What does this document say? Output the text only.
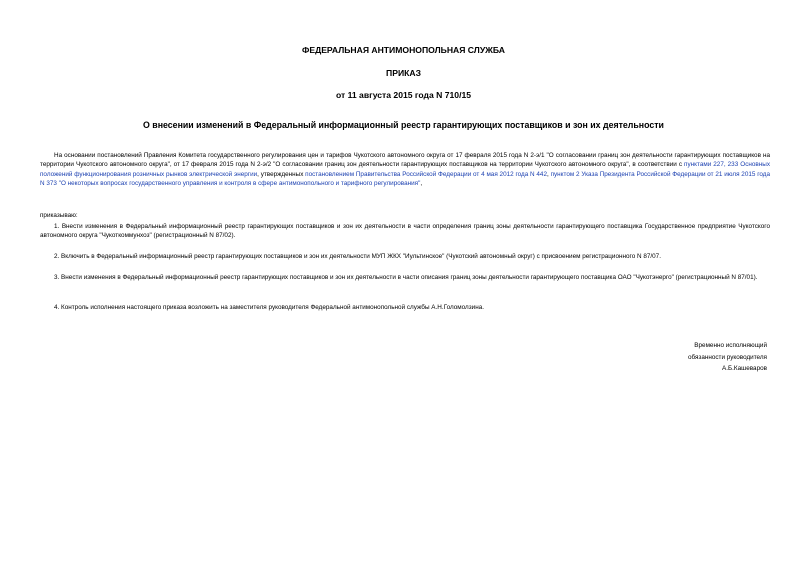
ФЕДЕРАЛЬНАЯ АНТИМОНОПОЛЬНАЯ СЛУЖБА
ПРИКАЗ
от 11 августа 2015 года N 710/15
О внесении изменений в Федеральный информационный реестр гарантирующих поставщиков и зон их деятельности
На основании постановлений Правления Комитета государственного регулирования цен и тарифов Чукотского автономного округа от 17 февраля 2015 года N 2-э/1 "О согласовании границ зон деятельности гарантирующих поставщиков на территории Чукотского автономного округа", от 17 февраля 2015 года N 2-э/2 "О согласовании границ зон деятельности гарантирующих поставщиков на территории Чукотского автономного округа", в соответствии с пунктами 227, 233 Основных положений функционирования розничных рынков электрической энергии, утвержденных постановлением Правительства Российской Федерации от 4 мая 2012 года N 442, пунктом 2 Указа Президента Российской Федерации от 21 июля 2015 года N 373 "О некоторых вопросах государственного управления и контроля в сфере антимонопольного и тарифного регулирования",
приказываю:
1. Внести изменения в Федеральный информационный реестр гарантирующих поставщиков и зон их деятельности в части определения границ зоны деятельности гарантирующего поставщика Государственное предприятие Чукотского автономного округа "Чукоткоммунхоз" (регистрационный N 87/02).
2. Включить в Федеральный информационный реестр гарантирующих поставщиков и зон их деятельности МУП ЖКХ "Иультинское" (Чукотский автономный округ) с присвоением регистрационного N 87/07.
3. Внести изменения в Федеральный информационный реестр гарантирующих поставщиков и зон их деятельности в части описания границ зоны деятельности гарантирующего поставщика ОАО "Чукотэнерго" (регистрационный N 87/01).
4. Контроль исполнения настоящего приказа возложить на заместителя руководителя Федеральной антимонопольной службы А.Н.Голомолзина.
Временно исполняющий
обязанности руководителя
А.Б.Кашеваров
